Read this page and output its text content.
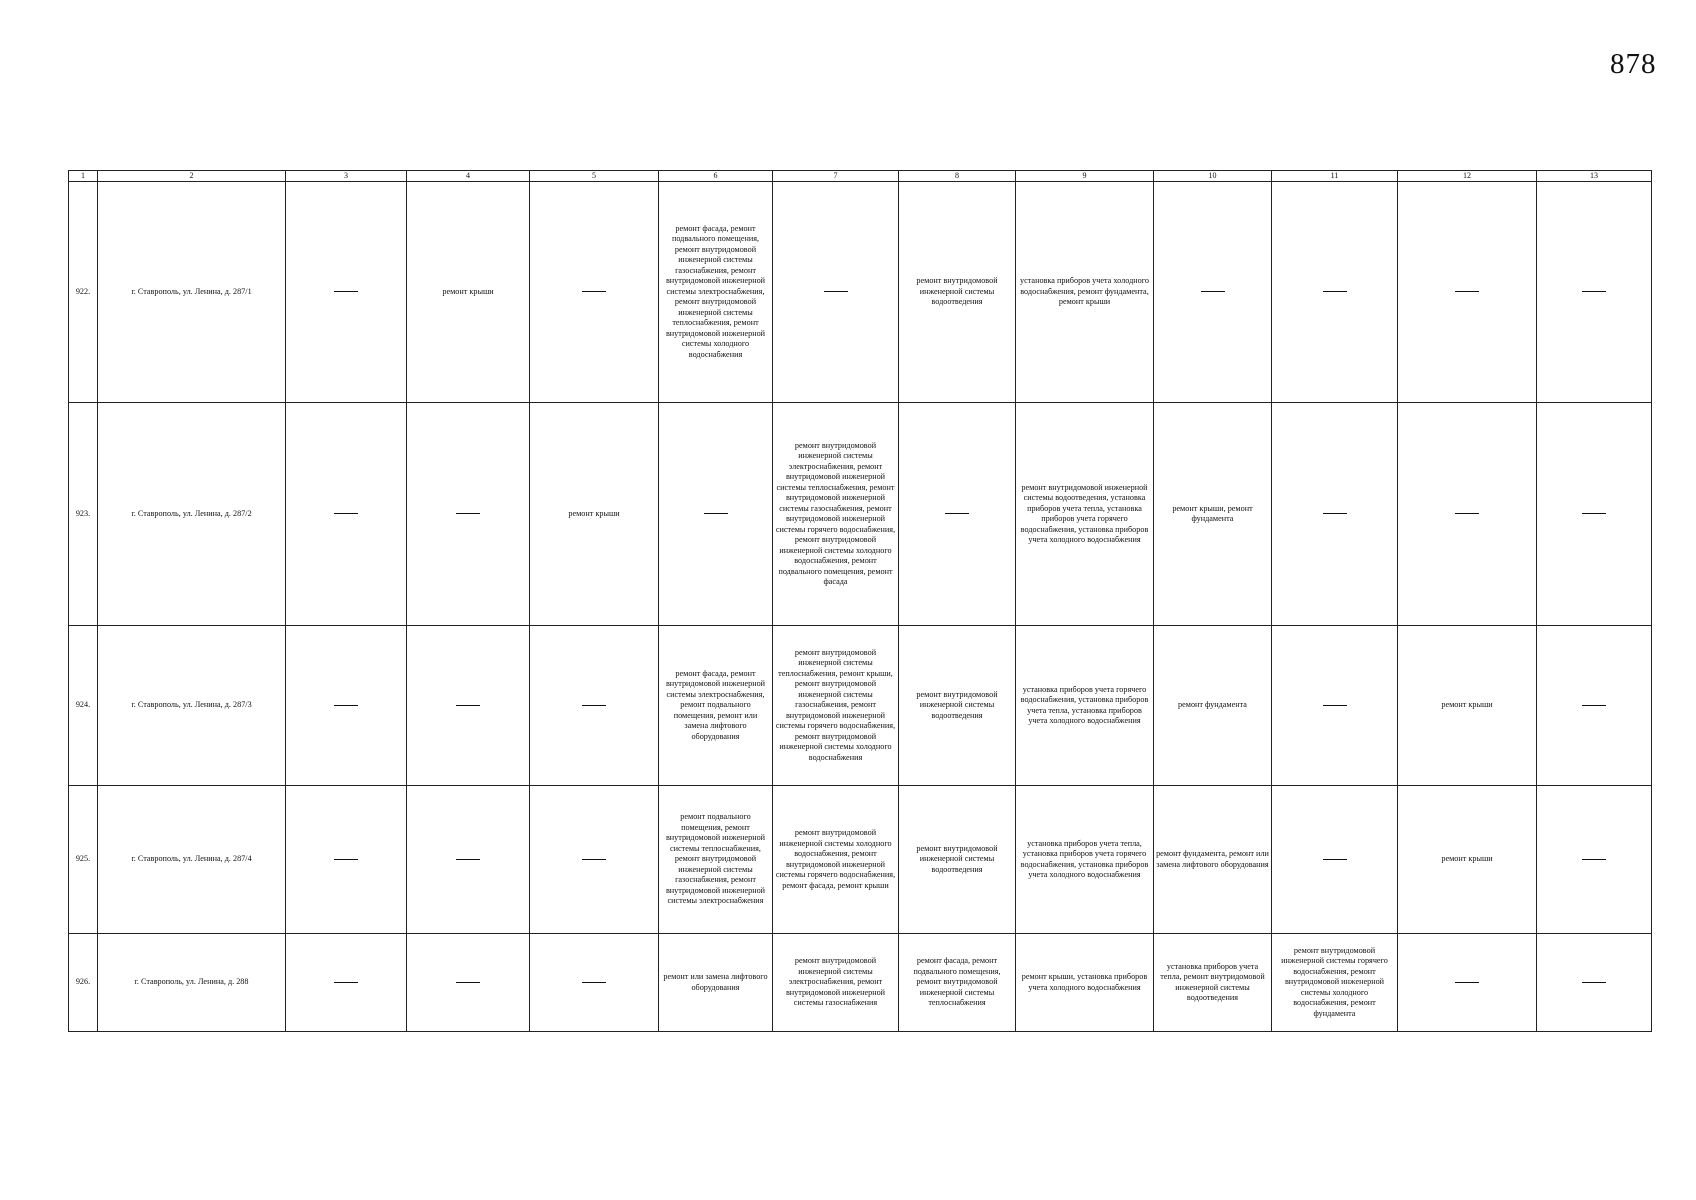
878
1	2	3	4	5	6	7	8	9	10	11	12	13
922.	г. Ставрополь, ул. Ленина, д. 287/1		ремонт крыши		ремонт фасада, ремонт подвального помещения, ремонт внутридомовой инженерной системы газоснабжения, ремонт внутридомовой инженерной системы электроснабжения, ремонт внутридомовой инженерной системы теплоснабжения, ремонт внутридомовой инженерной системы холодного водоснабжения		ремонт внутридомовой инженерной системы водоотведения	установка приборов учета холодного водоснабжения, ремонт фундамента, ремонт крыши				
923.	г. Ставрополь, ул. Ленина, д. 287/2			ремонт крыши		ремонт внутридомовой инженерной системы электроснабжения, ремонт внутридомовой инженерной системы теплоснабжения, ремонт внутридомовой инженерной системы газоснабжения, ремонт внутридомовой инженерной системы горячего водоснабжения, ремонт внутридомовой инженерной системы холодного водоснабжения, ремонт подвального помещения, ремонт фасада		ремонт внутридомовой инженерной системы водоотведения, установка приборов учета тепла, установка приборов учета горячего водоснабжения, установка приборов учета холодного водоснабжения	ремонт крыши, ремонт фундамента			
924.	г. Ставрополь, ул. Ленина, д. 287/3				ремонт фасада, ремонт внутридомовой инженерной системы электроснабжения, ремонт подвального помещения, ремонт или замена лифтового оборудования	ремонт внутридомовой инженерной системы теплоснабжения, ремонт крыши, ремонт внутридомовой инженерной системы газоснабжения, ремонт внутридомовой инженерной системы горячего водоснабжения, ремонт внутридомовой инженерной системы холодного водоснабжения	ремонт внутридомовой инженерной системы водоотведения	установка приборов учета горячего водоснабжения, установка приборов учета тепла, установка приборов учета холодного водоснабжения	ремонт фундамента		ремонт крыши	
925.	г. Ставрополь, ул. Ленина, д. 287/4				ремонт подвального помещения, ремонт внутридомовой инженерной системы теплоснабжения, ремонт внутридомовой инженерной системы газоснабжения, ремонт внутридомовой инженерной системы электроснабжения	ремонт внутридомовой инженерной системы холодного водоснабжения, ремонт внутридомовой инженерной системы горячего водоснабжения, ремонт фасада, ремонт крыши	ремонт внутридомовой инженерной системы водоотведения	установка приборов учета тепла, установка приборов учета горячего водоснабжения, установка приборов учета холодного водоснабжения	ремонт фундамента, ремонт или замена лифтового оборудования		ремонт крыши	
926.	г. Ставрополь, ул. Ленина, д. 288				ремонт или замена лифтового оборудования	ремонт внутридомовой инженерной системы электроснабжения, ремонт внутридомовой инженерной системы газоснабжения	ремонт фасада, ремонт подвального помещения, ремонт внутридомовой инженерной системы теплоснабжения	ремонт крыши, установка приборов учета холодного водоснабжения	установка приборов учета тепла, ремонт внутридомовой инженерной системы водоотведения	ремонт внутридомовой инженерной системы горячего водоснабжения, ремонт внутридомовой инженерной системы холодного водоснабжения, ремонт фундамента		
